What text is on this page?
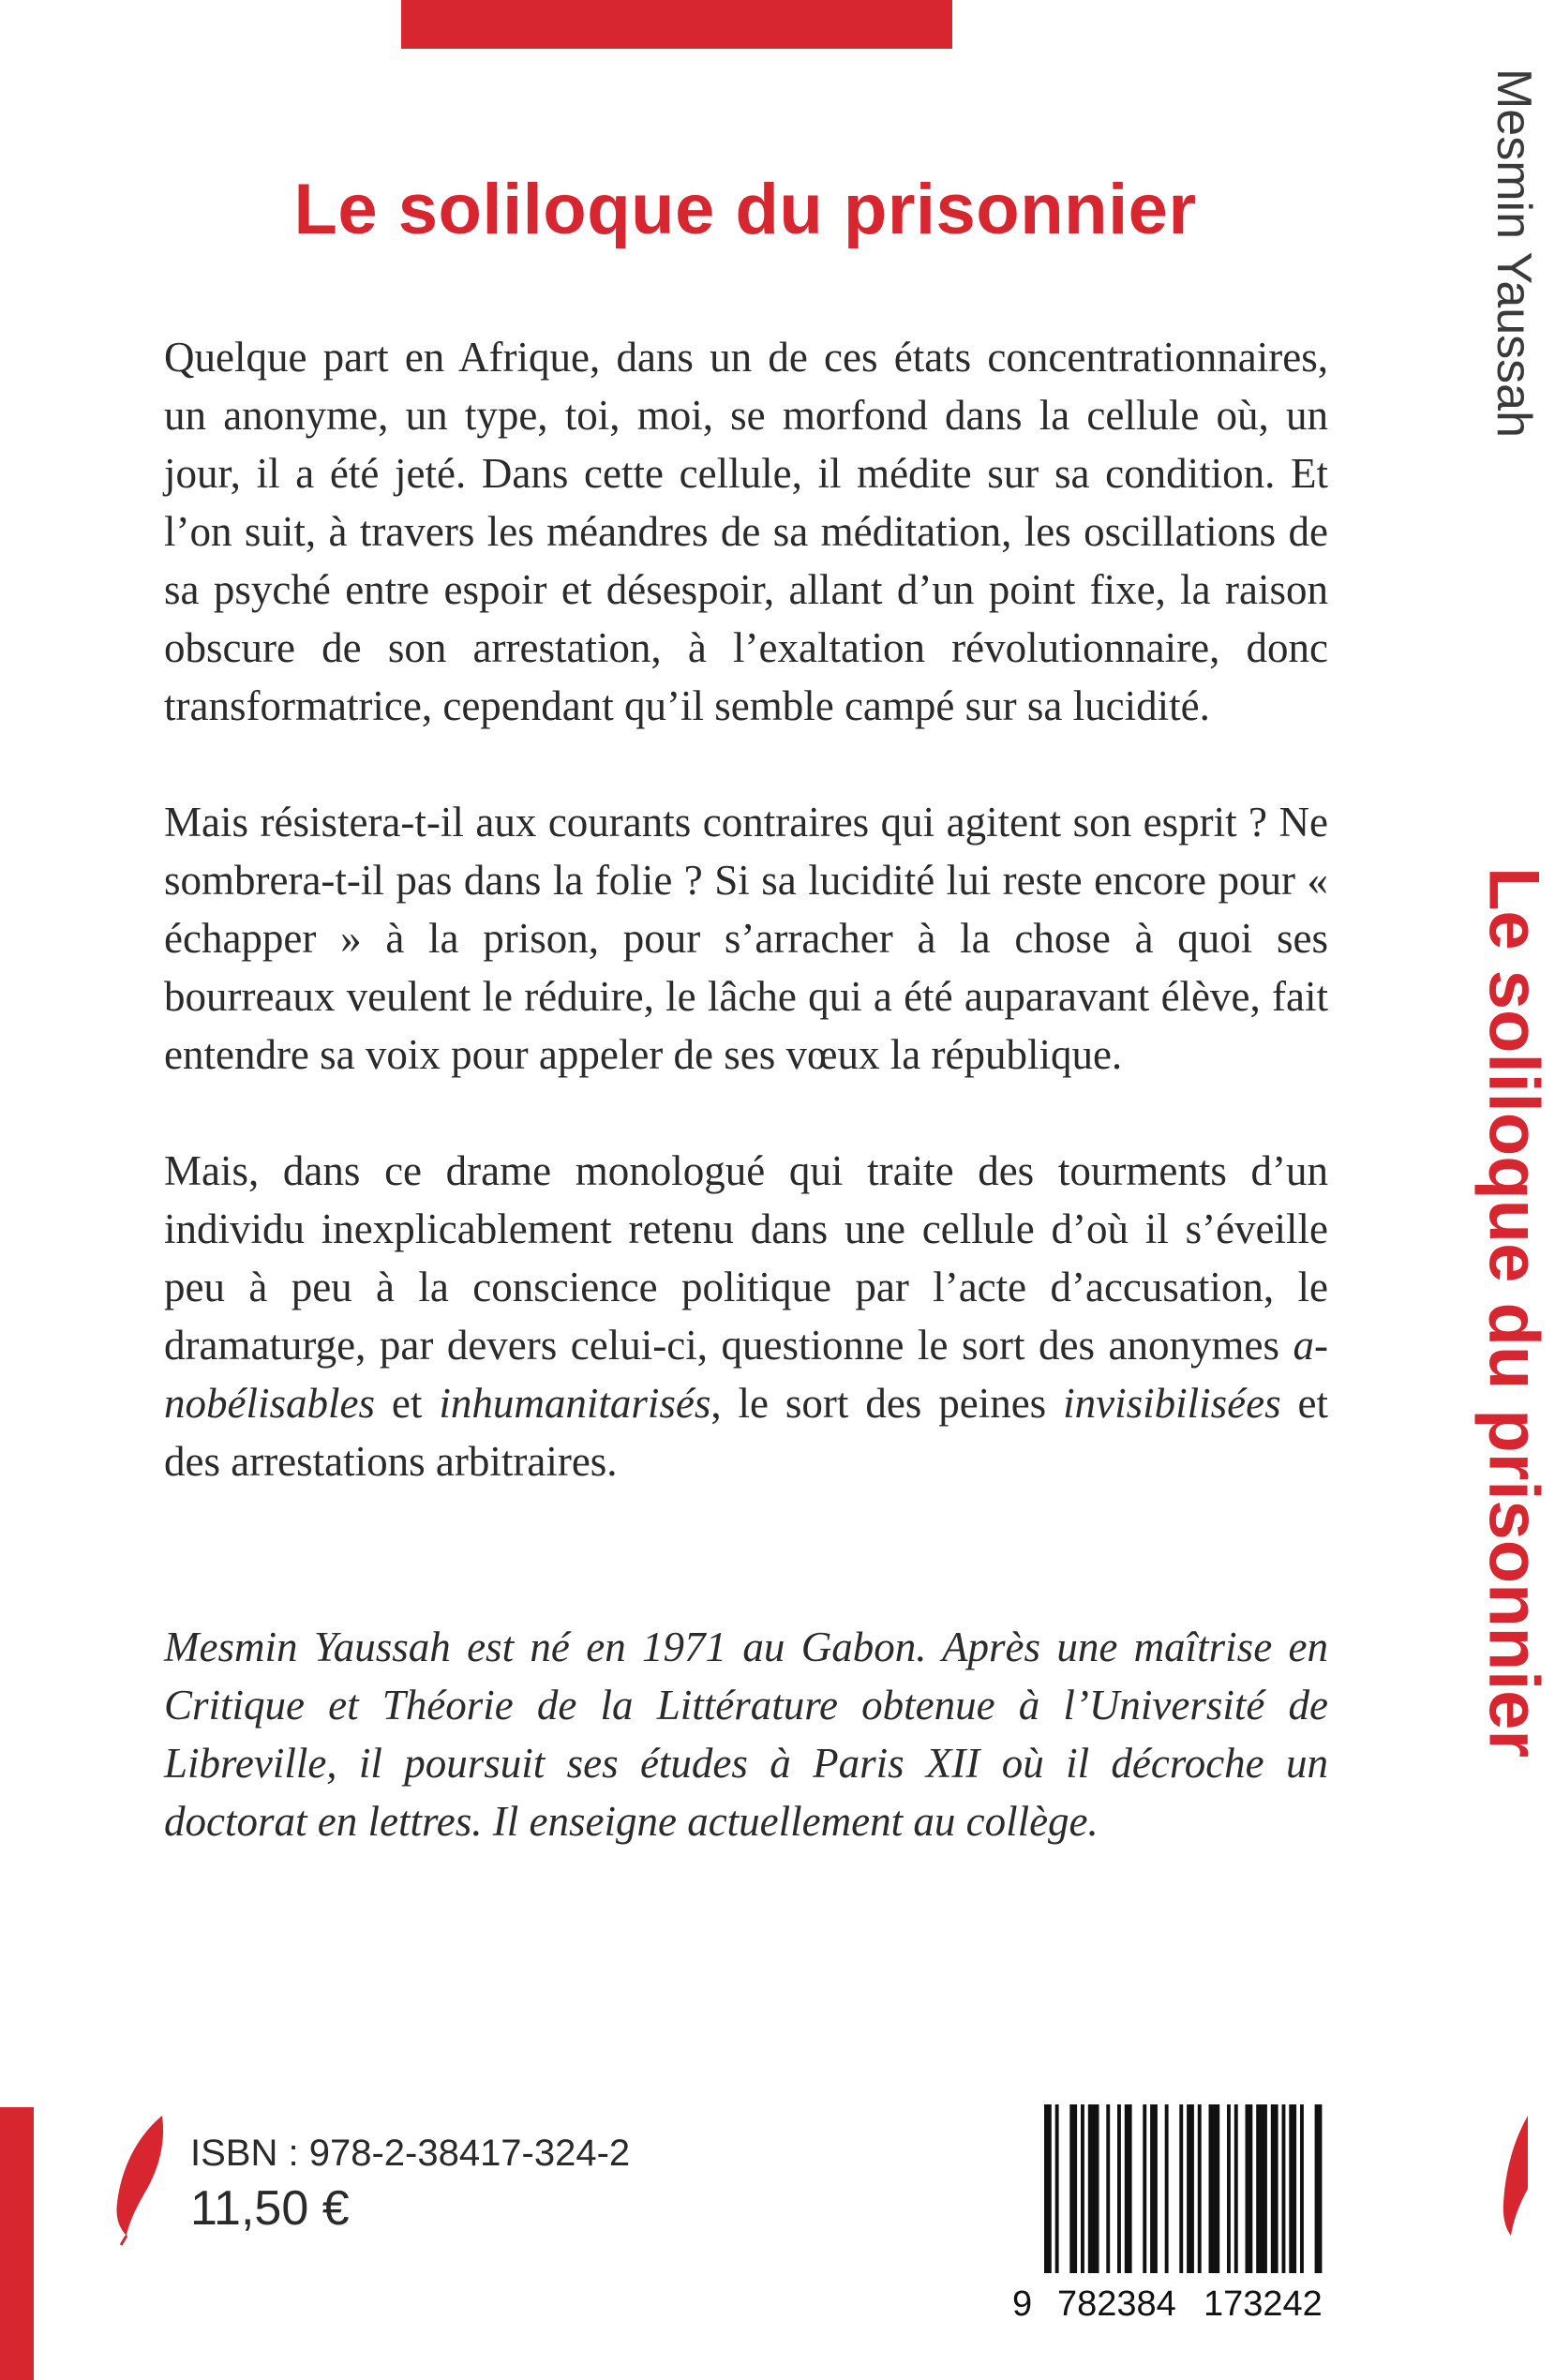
Le soliloque du prisonnier

Quelque part en Afrique, dans un de ces états concentrationnaires, un anonyme, un type, toi, moi, se morfond dans la cellule où, un jour, il a été jeté. Dans cette cellule, il médite sur sa condition. Et l’on suit, à travers les méandres de sa méditation, les oscillations de sa psyché entre espoir et désespoir, allant d’un point fixe, la raison obscure de son arrestation, à l’exaltation révolutionnaire, donc transformatrice, cependant qu’il semble campé sur sa lucidité.

Mais résistera-t-il aux courants contraires qui agitent son esprit ? Ne sombrera-t-il pas dans la folie ? Si sa lucidité lui reste encore pour « échapper » à la prison, pour s’arracher à la chose à quoi ses bourreaux veulent le réduire, le lâche qui a été auparavant élève, fait entendre sa voix pour appeler de ses vœux la république.

Mais, dans ce drame monologué qui traite des tourments d’un individu inexplicablement retenu dans une cellule d’où il s’éveille peu à peu à la conscience politique par l’acte d’accusation, le dramaturge, par devers celui-ci, questionne le sort des anonymes a-nobélisables et inhumanitarisés, le sort des peines invisibilisées et des arrestations arbitraires.

Mesmin Yaussah est né en 1971 au Gabon. Après une maîtrise en Critique et Théorie de la Littérature obtenue à l’Université de Libreville, il poursuit ses études à Paris XII où il décroche un doctorat en lettres. Il enseigne actuellement au collège.

Mesmin Yaussah
Le soliloque du prisonnier
ISBN : 978-2-38417-324-2
11,50 €
9 782384 173242
